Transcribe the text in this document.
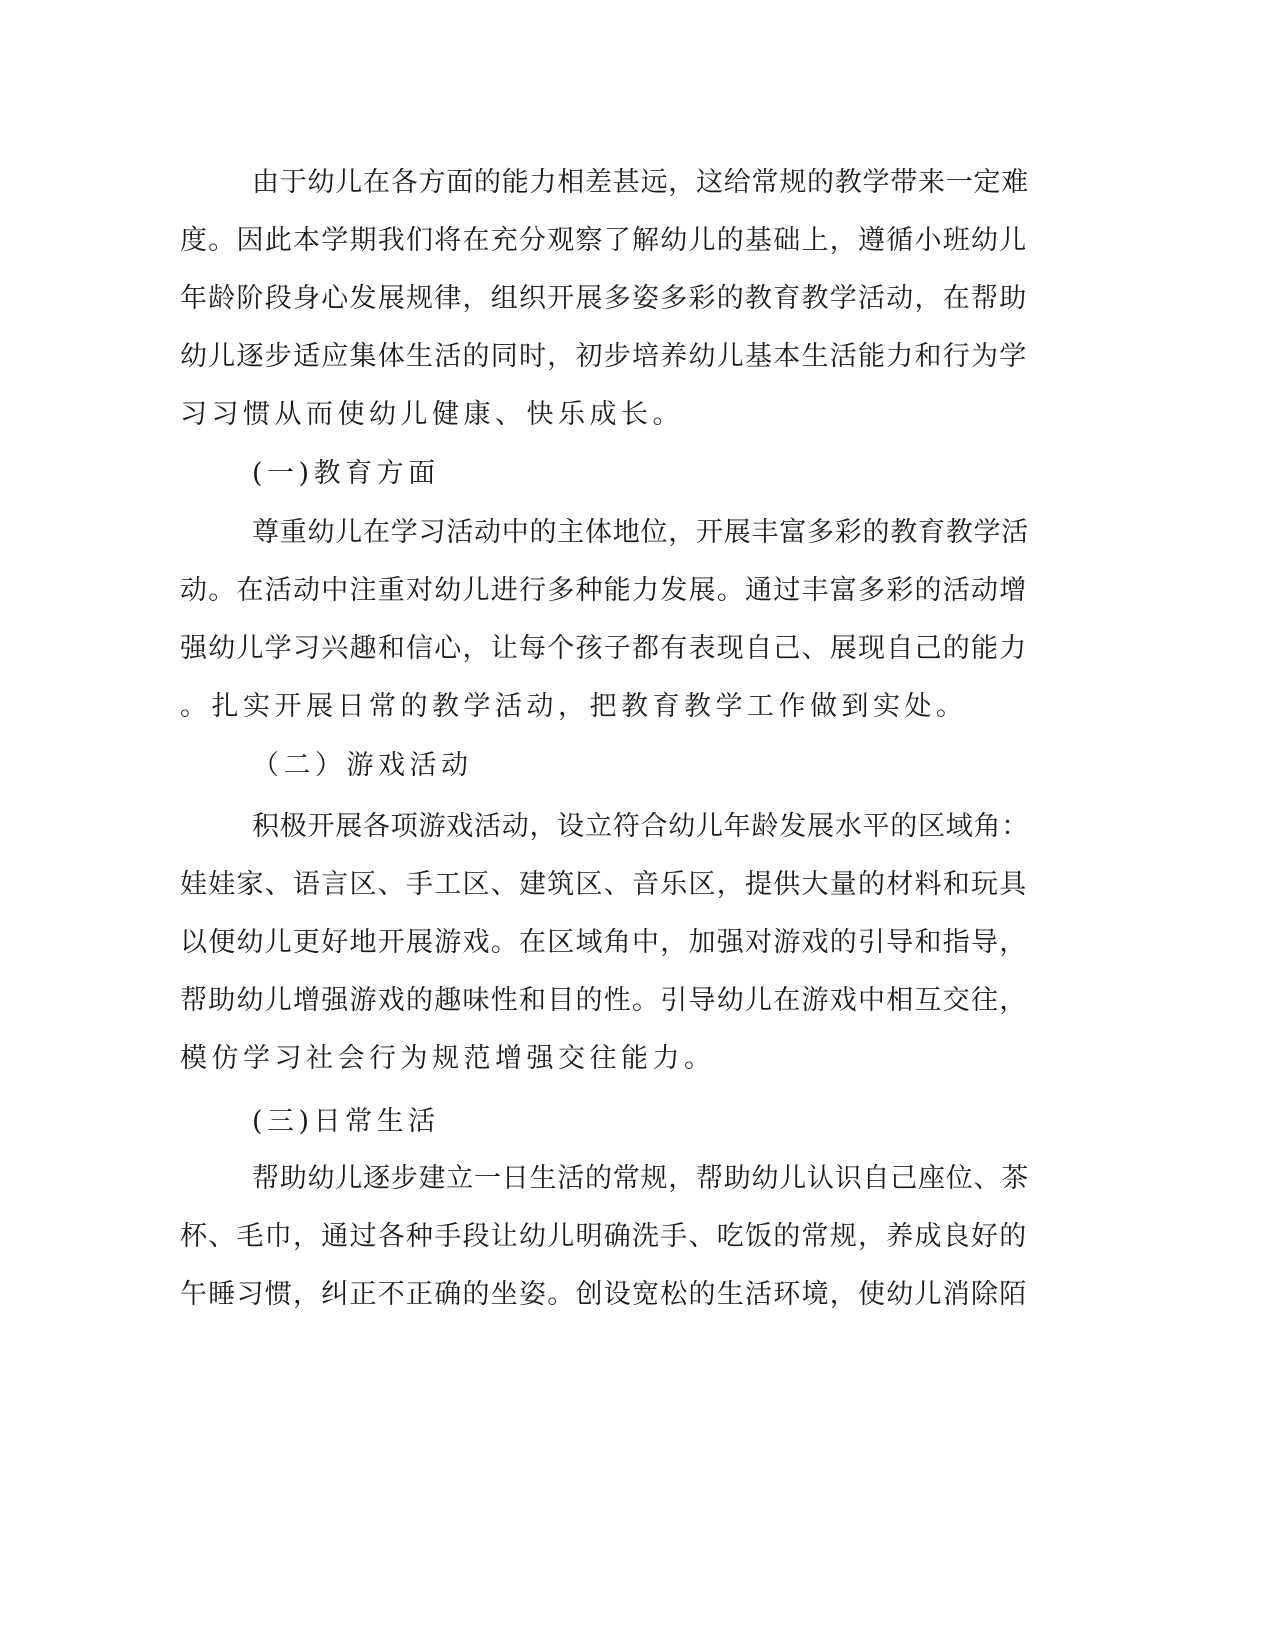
由于幼儿在各方面的能力相差甚远，这给常规的教学带来一定难
度。因此本学期我们将在充分观察了解幼儿的基础上，遵循小班幼儿
年龄阶段身心发展规律，组织开展多姿多彩的教育教学活动，在帮助
幼儿逐步适应集体生活的同时，初步培养幼儿基本生活能力和行为学
习习惯从而使幼儿健康、快乐成长。
(一)教育方面
尊重幼儿在学习活动中的主体地位，开展丰富多彩的教育教学活
动。在活动中注重对幼儿进行多种能力发展。通过丰富多彩的活动增
强幼儿学习兴趣和信心，让每个孩子都有表现自己、展现自己的能力
。扎实开展日常的教学活动，把教育教学工作做到实处。
（二）游戏活动
积极开展各项游戏活动，设立符合幼儿年龄发展水平的区域角：
娃娃家、语言区、手工区、建筑区、音乐区，提供大量的材料和玩具
以便幼儿更好地开展游戏。在区域角中，加强对游戏的引导和指导，
帮助幼儿增强游戏的趣味性和目的性。引导幼儿在游戏中相互交往，
模仿学习社会行为规范增强交往能力。
(三)日常生活
帮助幼儿逐步建立一日生活的常规，帮助幼儿认识自己座位、茶
杯、毛巾，通过各种手段让幼儿明确洗手、吃饭的常规，养成良好的
午睡习惯，纠正不正确的坐姿。创设宽松的生活环境，使幼儿消除陌
